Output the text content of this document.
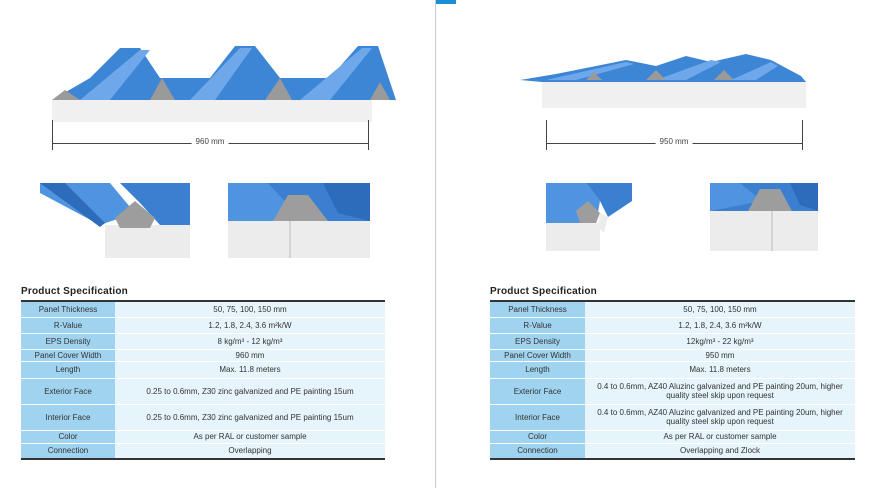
960 mm
Product Specification
Panel Thickness	50, 75, 100, 150 mm
R-Value	1.2, 1.8, 2.4, 3.6 m²k/W
EPS Density	8 kg/m³ - 12 kg/m³
Panel Cover Width	960 mm
Length	Max. 11.8 meters
Exterior Face	0.25 to 0.6mm, Z30 zinc galvanized and PE painting 15um
Interior Face	0.25 to 0.6mm, Z30 zinc galvanized and PE painting 15um
Color	As per RAL or customer sample
Connection	Overlapping
950 mm
Product Specification
Panel Thickness	50, 75, 100, 150 mm
R-Value	1.2, 1.8, 2.4, 3.6 m²k/W
EPS Density	12kg/m³ - 22 kg/m³
Panel Cover Width	950 mm
Length	Max. 11.8 meters
Exterior Face	0.4 to 0.6mm, AZ40 Aluzinc galvanized and PE painting 20um, higher quality steel skip upon request
Interior Face	0.4 to 0.6mm, AZ40 Aluzinc galvanized and PE painting 20um, higher quality steel skip upon request
Color	As per RAL or customer sample
Connection	Overlapping and Zlock
